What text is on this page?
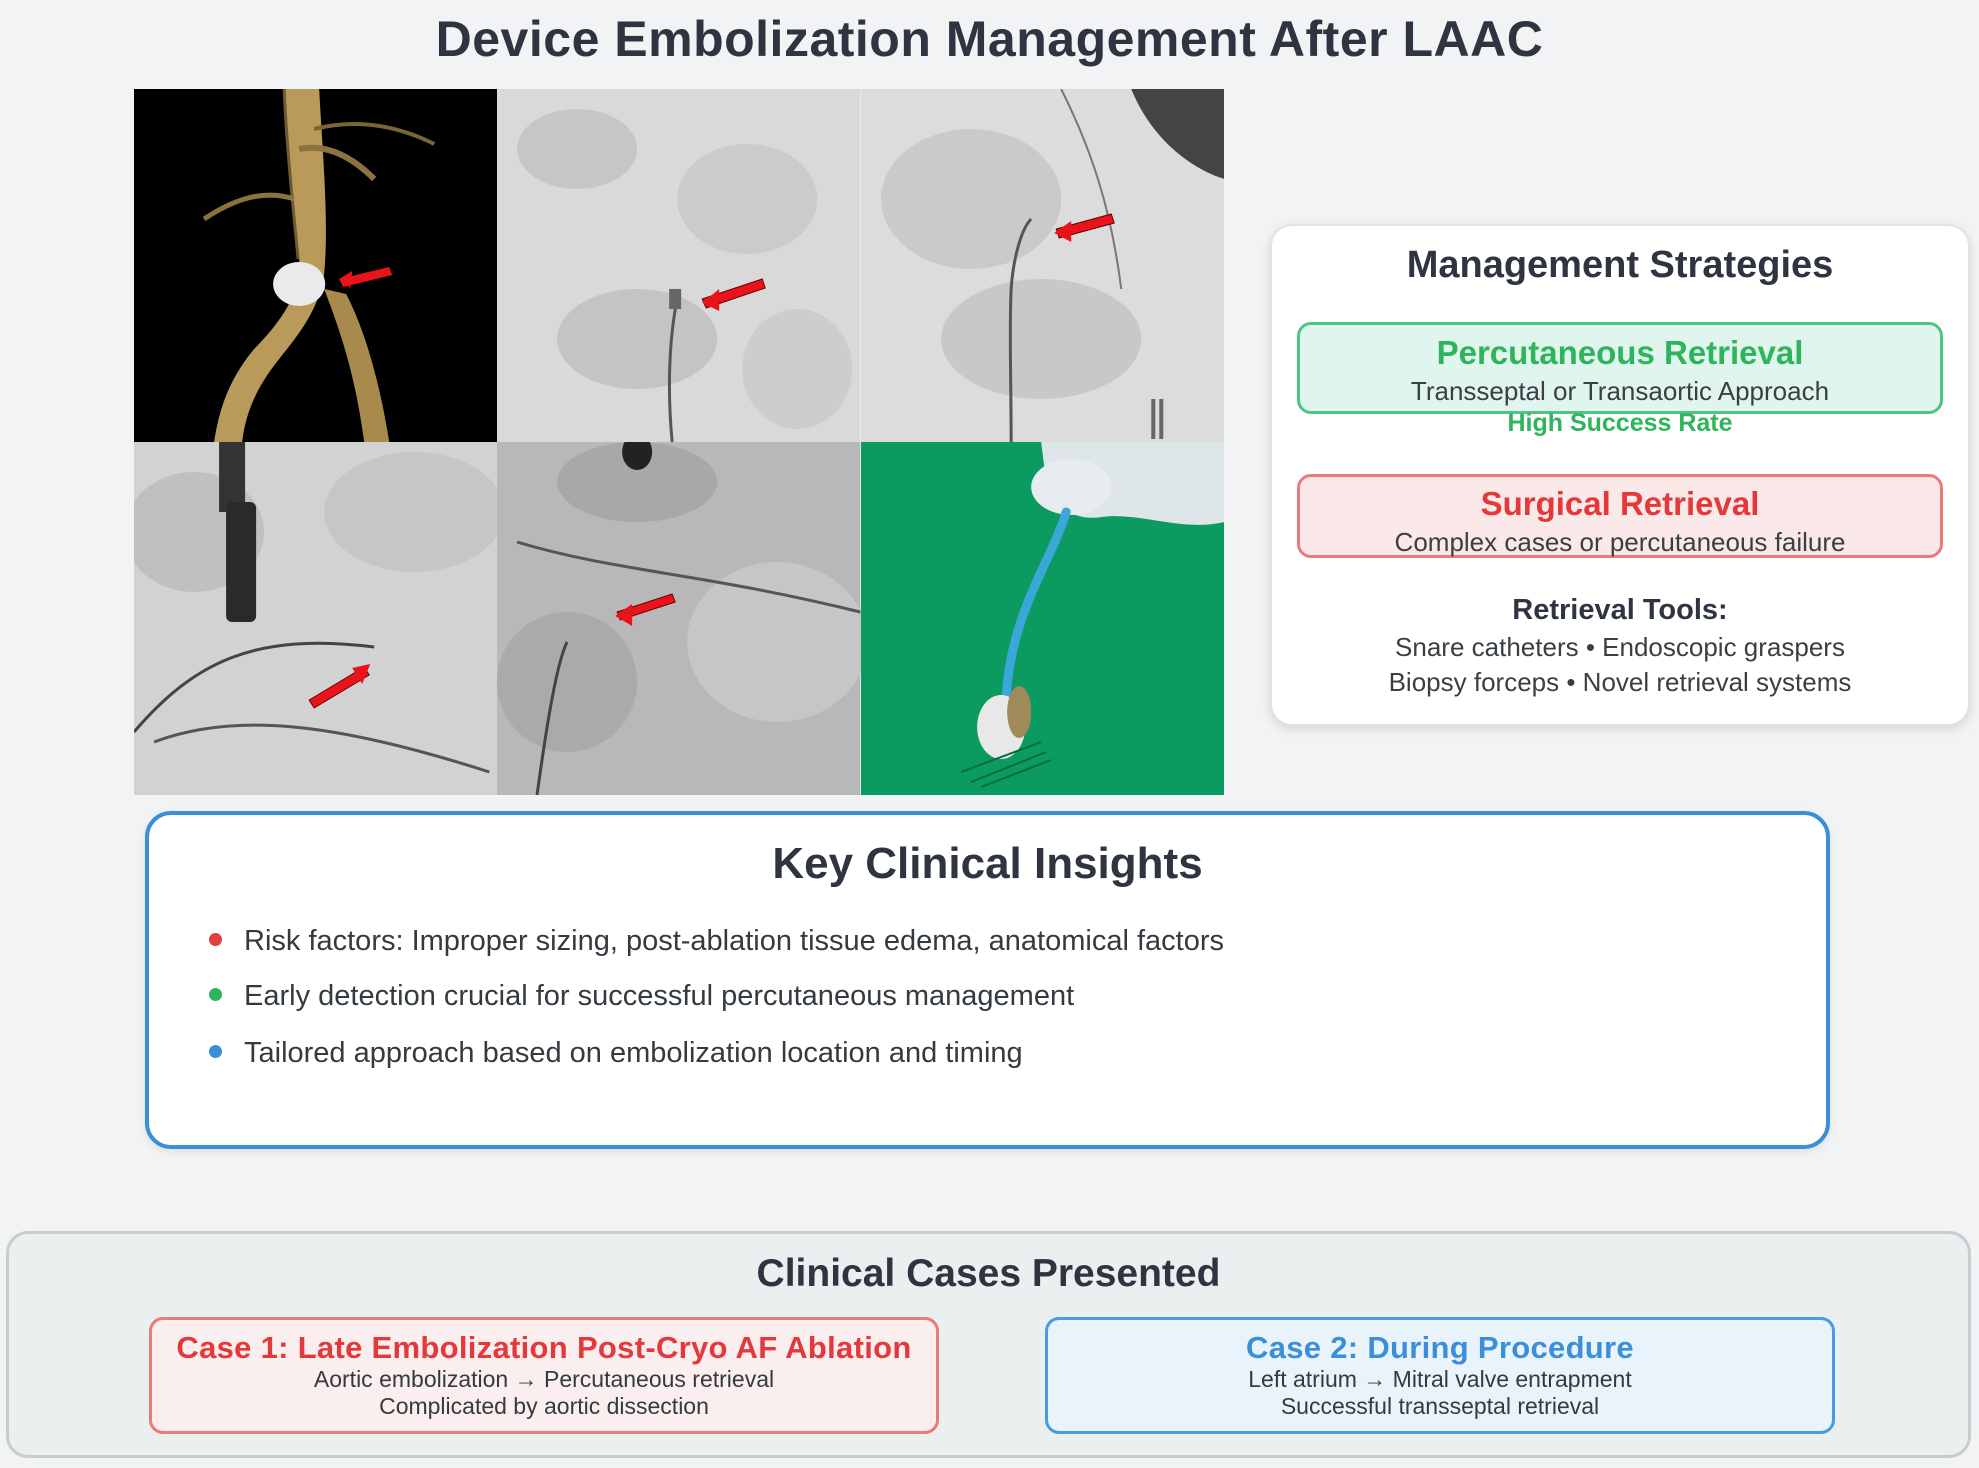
Device Embolization Management After LAAC
Management Strategies
Percutaneous Retrieval
Transseptal or Transaortic Approach
High Success Rate
Surgical Retrieval
Complex cases or percutaneous failure
Retrieval Tools:
Snare catheters • Endoscopic graspers
Biopsy forceps • Novel retrieval systems
Key Clinical Insights
Risk factors: Improper sizing, post-ablation tissue edema, anatomical factors
Early detection crucial for successful percutaneous management
Tailored approach based on embolization location and timing
Clinical Cases Presented
Case 1: Late Embolization Post-Cryo AF Ablation
Aortic embolization → Percutaneous retrieval
Complicated by aortic dissection
Case 2: During Procedure
Left atrium → Mitral valve entrapment
Successful transseptal retrieval
